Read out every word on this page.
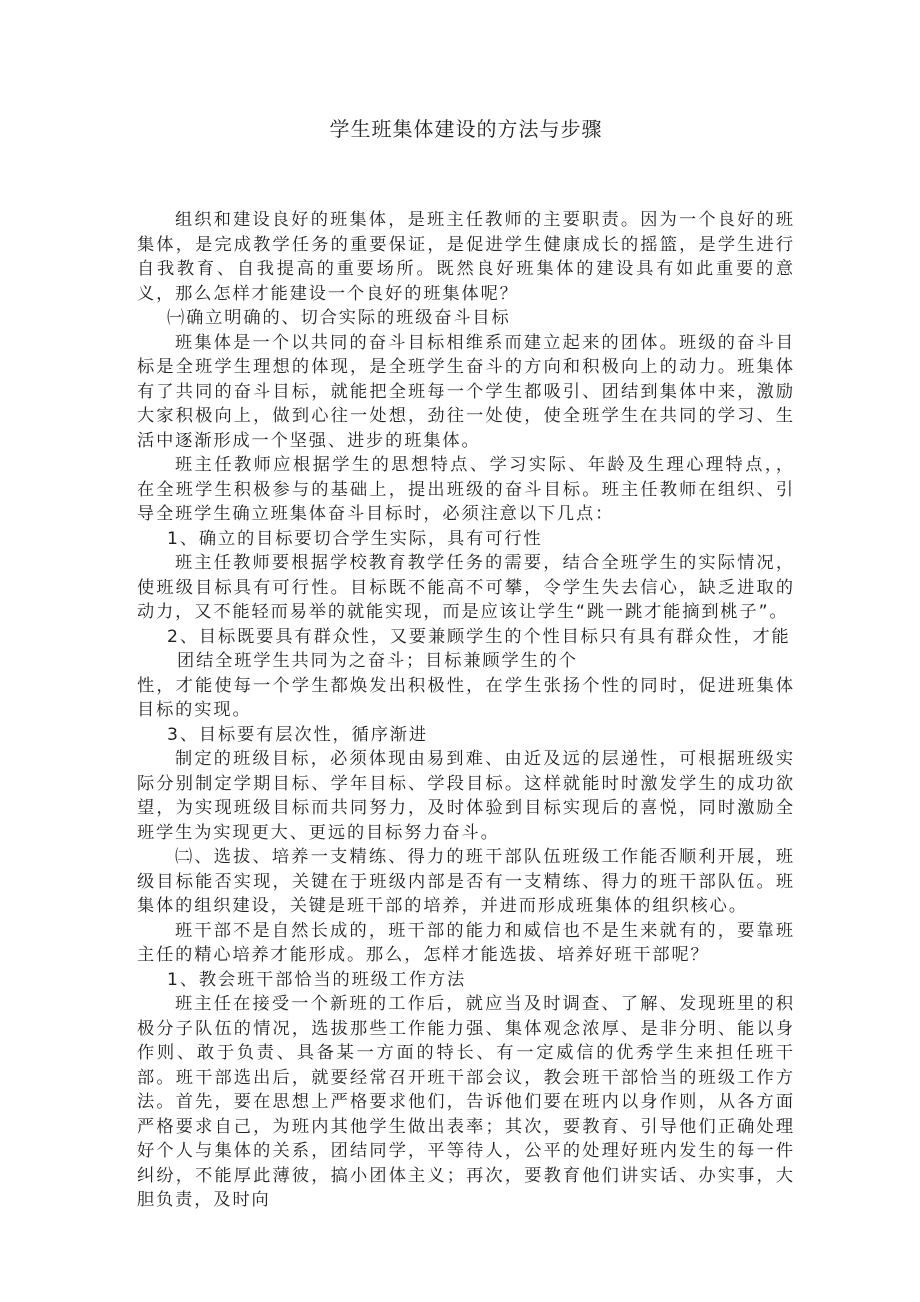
学生班集体建设的方法与步骤

组织和建设良好的班集体，是班主任教师的主要职责。因为一个良好的班集体，是完成教学任务的重要保证，是促进学生健康成长的摇篮，是学生进行自我教育、自我提高的重要场所。既然良好班集体的建设具有如此重要的意义，那么怎样才能建设一个良好的班集体呢？

㈠确立明确的、切合实际的班级奋斗目标

班集体是一个以共同的奋斗目标相维系而建立起来的团体。班级的奋斗目标是全班学生理想的体现，是全班学生奋斗的方向和积极向上的动力。班集体有了共同的奋斗目标，就能把全班每一个学生都吸引、团结到集体中来，激励大家积极向上，做到心往一处想，劲往一处使，使全班学生在共同的学习、生活中逐渐形成一个坚强、进步的班集体。

班主任教师应根据学生的思想特点、学习实际、年龄及生理心理特点，，在全班学生积极参与的基础上，提出班级的奋斗目标。班主任教师在组织、引导全班学生确立班集体奋斗目标时，必须注意以下几点：

1、确立的目标要切合学生实际，具有可行性

班主任教师要根据学校教育教学任务的需要，结合全班学生的实际情况，使班级目标具有可行性。目标既不能高不可攀，令学生失去信心，缺乏进取的动力，又不能轻而易举的就能实现，而是应该让学生“跳一跳才能摘到桃子”。

2、目标既要具有群众性，又要兼顾学生的个性目标只有具有群众性，才能

团结全班学生共同为之奋斗；目标兼顾学生的个

性，才能使每一个学生都焕发出积极性，在学生张扬个性的同时，促进班集体目标的实现。

3、目标要有层次性，循序渐进

制定的班级目标，必须体现由易到难、由近及远的层递性，可根据班级实际分别制定学期目标、学年目标、学段目标。这样就能时时激发学生的成功欲望，为实现班级目标而共同努力，及时体验到目标实现后的喜悦，同时激励全班学生为实现更大、更远的目标努力奋斗。

㈡、选拔、培养一支精练、得力的班干部队伍班级工作能否顺利开展，班级目标能否实现，关键在于班级内部是否有一支精练、得力的班干部队伍。班集体的组织建设，关键是班干部的培养，并进而形成班集体的组织核心。

班干部不是自然长成的，班干部的能力和威信也不是生来就有的，要靠班主任的精心培养才能形成。那么，怎样才能选拔、培养好班干部呢？

1、教会班干部恰当的班级工作方法

班主任在接受一个新班的工作后，就应当及时调查、了解、发现班里的积极分子队伍的情况，选拔那些工作能力强、集体观念浓厚、是非分明、能以身作则、敢于负责、具备某一方面的特长、有一定威信的优秀学生来担任班干部。班干部选出后，就要经常召开班干部会议，教会班干部恰当的班级工作方法。首先，要在思想上严格要求他们，告诉他们要在班内以身作则，从各方面严格要求自己，为班内其他学生做出表率；其次，要教育、引导他们正确处理好个人与集体的关系，团结同学，平等待人，公平的处理好班内发生的每一件纠纷，不能厚此薄彼，搞小团体主义；再次，要教育他们讲实话、办实事，大胆负责，及时向
